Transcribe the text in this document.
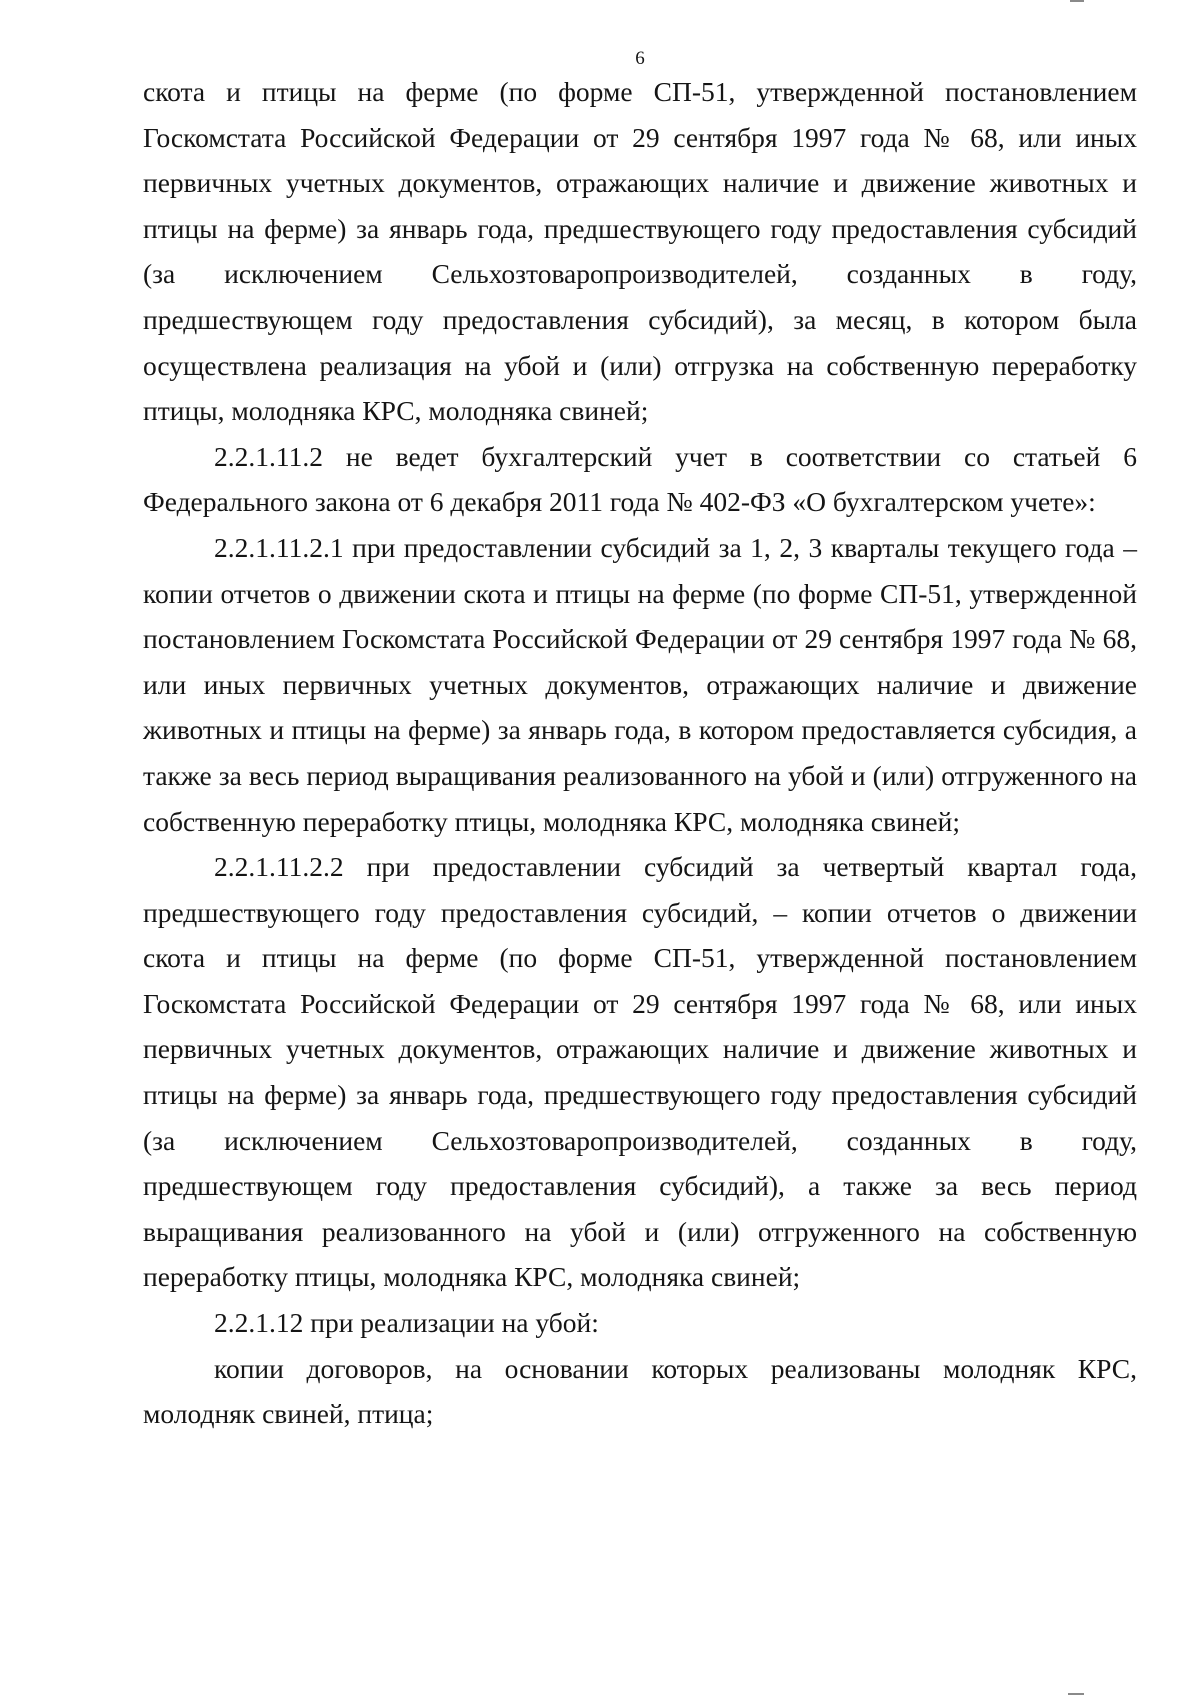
6

скота и птицы на ферме (по форме СП-51, утвержденной постановлением Госкомстата Российской Федерации от 29 сентября 1997 года № 68, или иных первичных учетных документов, отражающих наличие и движение животных и птицы на ферме) за январь года, предшествующего году предоставления субсидий (за исключением Сельхозтоваропроизводителей, созданных в году, предшествующем году предоставления субсидий), за месяц, в котором была осуществлена реализация на убой и (или) отгрузка на собственную переработку птицы, молодняка КРС, молодняка свиней;

2.2.1.11.2 не ведет бухгалтерский учет в соответствии со статьей 6 Федерального закона от 6 декабря 2011 года № 402-ФЗ «О бухгалтерском учете»:

2.2.1.11.2.1 при предоставлении субсидий за 1, 2, 3 кварталы текущего года – копии отчетов о движении скота и птицы на ферме (по форме СП-51, утвержденной постановлением Госкомстата Российской Федерации от 29 сентября 1997 года № 68, или иных первичных учетных документов, отражающих наличие и движение животных и птицы на ферме) за январь года, в котором предоставляется субсидия, а также за весь период выращивания реализованного на убой и (или) отгруженного на собственную переработку птицы, молодняка КРС, молодняка свиней;

2.2.1.11.2.2 при предоставлении субсидий за четвертый квартал года, предшествующего году предоставления субсидий, – копии отчетов о движении скота и птицы на ферме (по форме СП-51, утвержденной постановлением Госкомстата Российской Федерации от 29 сентября 1997 года № 68, или иных первичных учетных документов, отражающих наличие и движение животных и птицы на ферме) за январь года, предшествующего году предоставления субсидий (за исключением Сельхозтоваропроизводителей, созданных в году, предшествующем году предоставления субсидий), а также за весь период выращивания реализованного на убой и (или) отгруженного на собственную переработку птицы, молодняка КРС, молодняка свиней;

2.2.1.12 при реализации на убой:

копии договоров, на основании которых реализованы молодняк КРС, молодняк свиней, птица;
